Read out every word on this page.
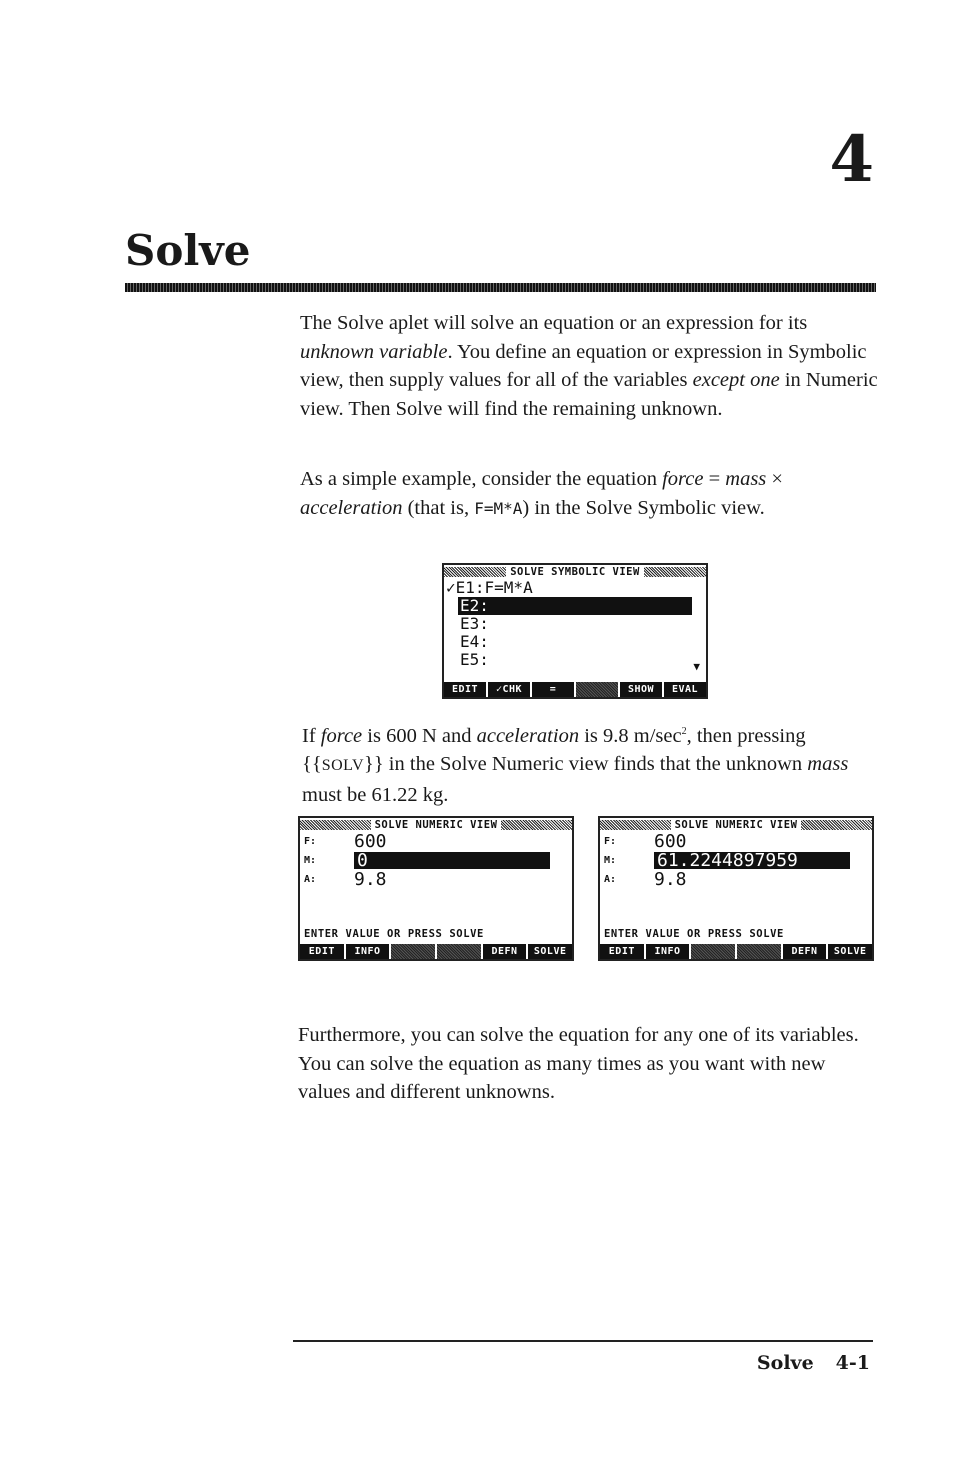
4
Solve

The Solve aplet will solve an equation or an expression for its unknown variable. You define an equation or expression in Symbolic view, then supply values for all of the variables except one in Numeric view. Then Solve will find the remaining unknown.

As a simple example, consider the equation force = mass × acceleration (that is, F=M*A) in the Solve Symbolic view.

SOLVE SYMBOLIC VIEW
✓E1:F=M*A
E2:
E3:
E4:
E5:	▼
EDIT	✓CHK	=	SHOW	EVAL

If force is 600 N and acceleration is 9.8 $m/\sec^2$, then pressing {{SOLV}} in the Solve Numeric view finds that the unknown mass must be 61.22 kg.

SOLVE NUMERIC VIEW
F:	600
M:	0
A:	9.8
ENTER VALUE OR PRESS SOLVE
EDIT	INFO	DEFN	SOLVE
SOLVE NUMERIC VIEW
F:	600
M:	61.2244897959
A:	9.8
ENTER VALUE OR PRESS SOLVE
EDIT	INFO	DEFN	SOLVE

Furthermore, you can solve the equation for any one of its variables. You can solve the equation as many times as you want with new values and different unknowns.

Solve 4-1
